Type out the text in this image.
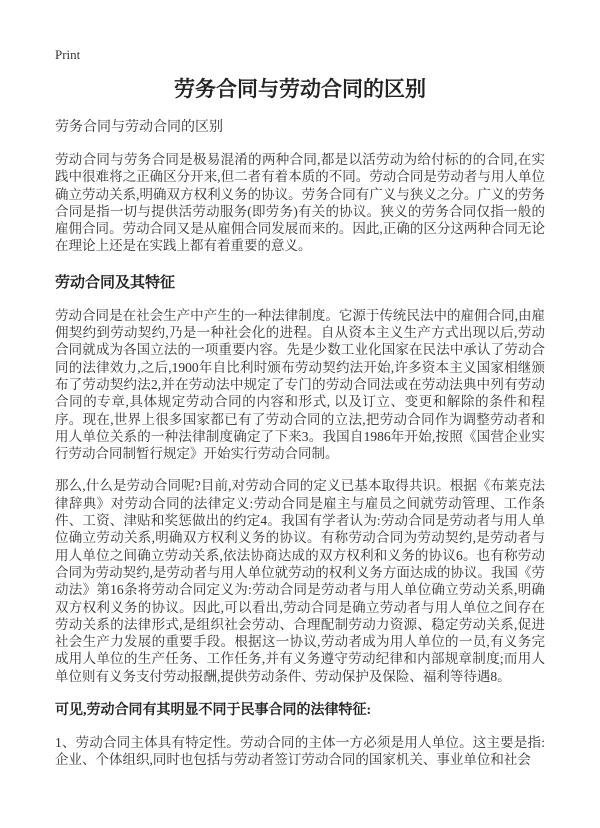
Print
劳务合同与劳动合同的区别

劳务合同与劳动合同的区别

劳动合同与劳务合同是极易混淆的两种合同,都是以活劳动为给付标的的合同,在实践中很难将之正确区分开来,但二者有着本质的不同。劳动合同是劳动者与用人单位确立劳动关系,明确双方权利义务的协议。劳务合同有广义与狭义之分。广义的劳务合同是指一切与提供活劳动服务(即劳务)有关的协议。狭义的劳务合同仅指一般的雇佣合同。劳动合同又是从雇佣合同发展而来的。因此,正确的区分这两种合同无论在理论上还是在实践上都有着重要的意义。

劳动合同及其特征

劳动合同是在社会生产中产生的一种法律制度。它源于传统民法中的雇佣合同,由雇佣契约到劳动契约,乃是一种社会化的进程。自从资本主义生产方式出现以后,劳动合同就成为各国立法的一项重要内容。先是少数工业化国家在民法中承认了劳动合同的法律效力,之后,1900年自比利时颁布劳动契约法开始,许多资本主义国家相继颁布了劳动契约法2,并在劳动法中规定了专门的劳动合同法或在劳动法典中列有劳动合同的专章,具体规定劳动合同的内容和形式, 以及订立、变更和解除的条件和程序。现在,世界上很多国家都已有了劳动合同的立法,把劳动合同作为调整劳动者和用人单位关系的一种法律制度确定了下来3。我国自1986年开始,按照《国营企业实行劳动合同制暂行规定》开始实行劳动合同制。

那么,什么是劳动合同呢?目前,对劳动合同的定义已基本取得共识。根据《布莱克法律辞典》对劳动合同的法律定义:劳动合同是雇主与雇员之间就劳动管理、工作条件、工资、津贴和奖惩做出的约定4。我国有学者认为:劳动合同是劳动者与用人单位确立劳动关系,明确双方权利义务的协议。有称劳动合同为劳动契约,是劳动者与用人单位之间确立劳动关系,依法协商达成的双方权利和义务的协议6。也有称劳动合同为劳动契约,是劳动者与用人单位就劳动的权利义务方面达成的协议。我国《劳动法》第16条将劳动合同定义为:劳动合同是劳动者与用人单位确立劳动关系,明确双方权利义务的协议。因此,可以看出,劳动合同是确立劳动者与用人单位之间存在劳动关系的法律形式,是组织社会劳动、合理配制劳动力资源、稳定劳动关系,促进社会生产力发展的重要手段。根据这一协议,劳动者成为用人单位的一员,有义务完成用人单位的生产任务、工作任务,并有义务遵守劳动纪律和内部规章制度;而用人单位则有义务支付劳动报酬,提供劳动条件、劳动保护及保险、福利等待遇8。

可见,劳动合同有其明显不同于民事合同的法律特征:

1、劳动合同主体具有特定性。劳动合同的主体一方必须是用人单位。这主要是指:企业、个体组织,同时也包括与劳动者签订劳动合同的国家机关、事业单位和社会
